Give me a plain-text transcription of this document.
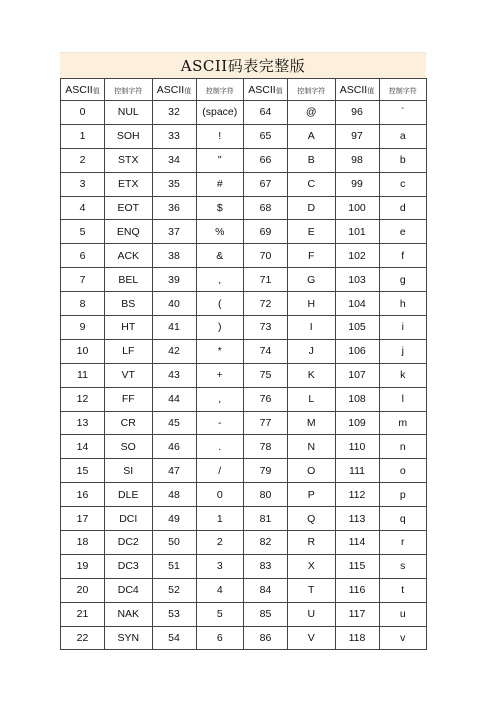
ASCII码表完整版
ASCII值	控制字符	ASCII值	控制字符	ASCII值	控制字符	ASCII值	控制字符
0	NUL	32	(space)	64	@	96	`
1	SOH	33	!	65	A	97	a
2	STX	34	"	66	B	98	b
3	ETX	35	#	67	C	99	c
4	EOT	36	$	68	D	100	d
5	ENQ	37	%	69	E	101	e
6	ACK	38	&	70	F	102	f
7	BEL	39	,	71	G	103	g
8	BS	40	(	72	H	104	h
9	HT	41	)	73	I	105	i
10	LF	42	*	74	J	106	j
11	VT	43	+	75	K	107	k
12	FF	44	,	76	L	108	l
13	CR	45	-	77	M	109	m
14	SO	46	.	78	N	110	n
15	SI	47	/	79	O	111	o
16	DLE	48	0	80	P	112	p
17	DCI	49	1	81	Q	113	q
18	DC2	50	2	82	R	114	r
19	DC3	51	3	83	X	115	s
20	DC4	52	4	84	T	116	t
21	NAK	53	5	85	U	117	u
22	SYN	54	6	86	V	118	v
